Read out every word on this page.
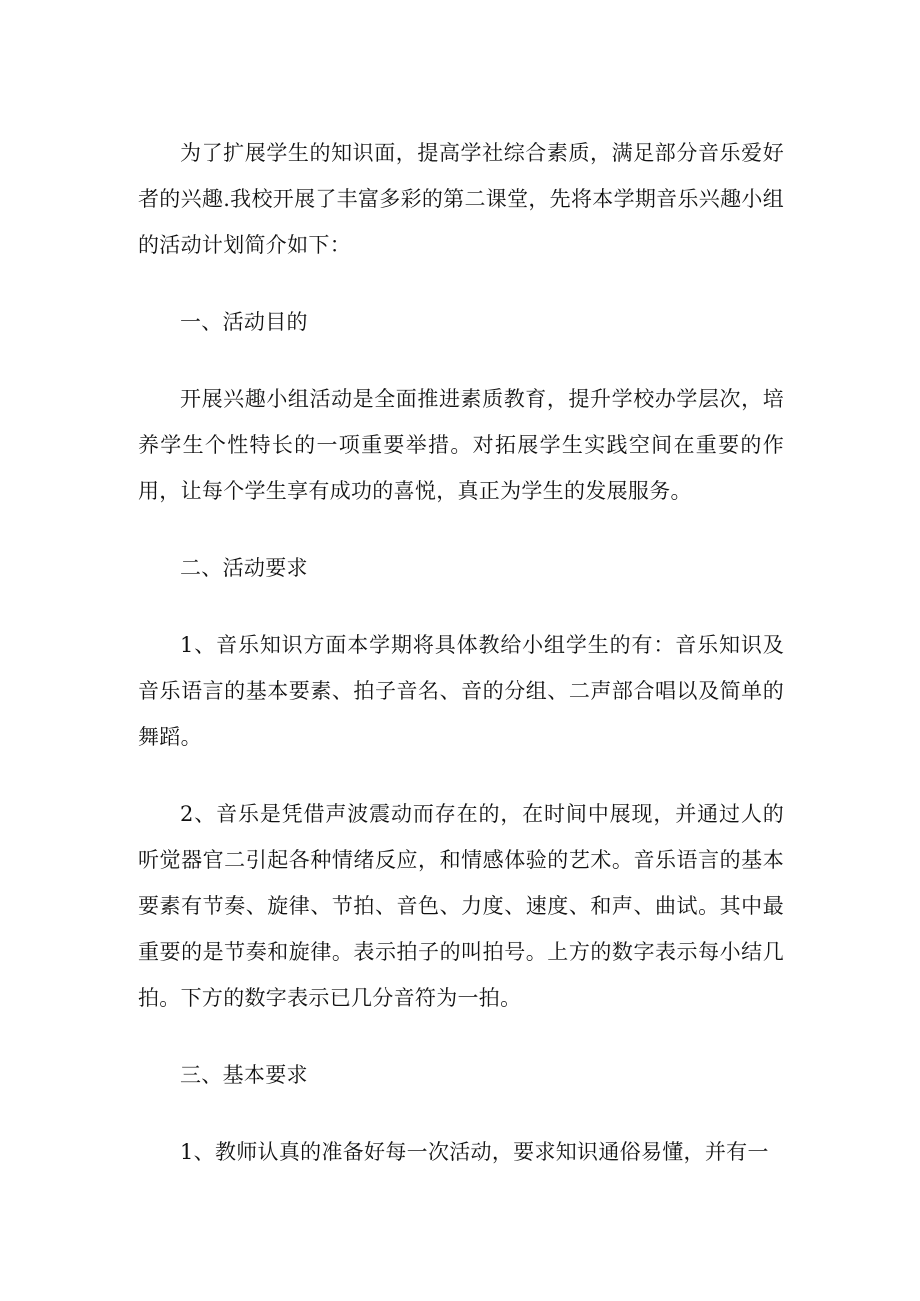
为了扩展学生的知识面，提高学社综合素质，满足部分音乐爱好者的兴趣.我校开展了丰富多彩的第二课堂，先将本学期音乐兴趣小组的活动计划简介如下：

一、活动目的

开展兴趣小组活动是全面推进素质教育，提升学校办学层次，培养学生个性特长的一项重要举措。对拓展学生实践空间在重要的作用，让每个学生享有成功的喜悦，真正为学生的发展服务。

二、活动要求

1、音乐知识方面本学期将具体教给小组学生的有：音乐知识及音乐语言的基本要素、拍子音名、音的分组、二声部合唱以及简单的舞蹈。

2、音乐是凭借声波震动而存在的，在时间中展现，并通过人的听觉器官二引起各种情绪反应，和情感体验的艺术。音乐语言的基本要素有节奏、旋律、节拍、音色、力度、速度、和声、曲试。其中最重要的是节奏和旋律。表示拍子的叫拍号。上方的数字表示每小结几拍。下方的数字表示已几分音符为一拍。

三、基本要求

1、教师认真的准备好每一次活动，要求知识通俗易懂，并有一
